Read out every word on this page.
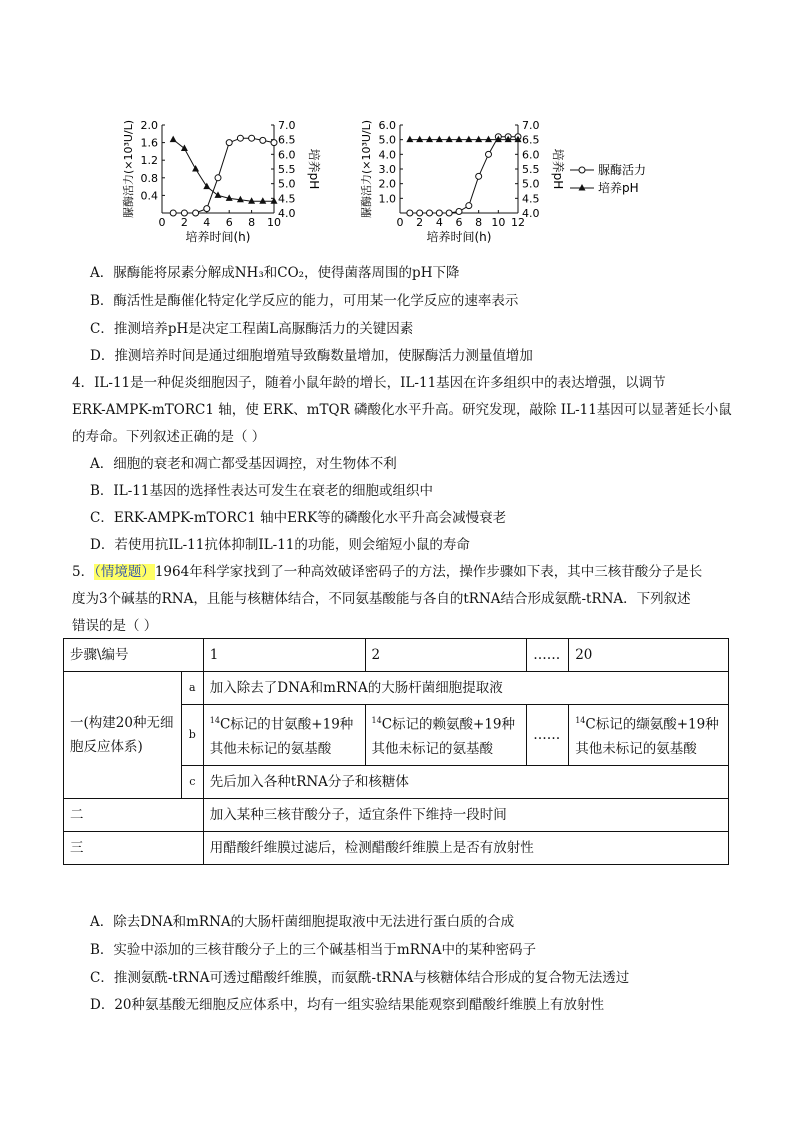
0 2 4 6 8 10
0.4
0.8
1.2
1.6
2.0
4.0
4.5
5.0
5.5
6.0
6.5
7.0
培养时间(h)
脲酶活力(×10³U/L)	培养pH
0 2 4 6 8 10 12
1.0
2.0
3.0
4.0
5.0
6.0
4.0
4.5
5.0
5.5
6.0
6.5
7.0
培养时间(h)
脲酶活力(×10³U/L)	培养pH	脲酶活力
培养pH
A．脲酶能将尿素分解成NH₃和CO₂，使得菌落周围的pH下降
B．酶活性是酶催化特定化学反应的能力，可用某一化学反应的速率表示
C．推测培养pH是决定工程菌L高脲酶活力的关键因素
D．推测培养时间是通过细胞增殖导致酶数量增加，使脲酶活力测量值增加
4．IL-11是一种促炎细胞因子，随着小鼠年龄的增长，IL-11基因在许多组织中的表达增强，以调节
ERK-AMPK-mTORC1 轴，使 ERK、mTQR 磷酸化水平升高。研究发现，敲除 IL-11基因可以显著延长小鼠
的寿命。下列叙述正确的是（ ）
A．细胞的衰老和凋亡都受基因调控，对生物体不利
B．IL-11基因的选择性表达可发生在衰老的细胞或组织中
C．ERK-AMPK-mTORC1 轴中ERK等的磷酸化水平升高会减慢衰老
D．若使用抗IL-11抗体抑制IL-11的功能，则会缩短小鼠的寿命
5．（情境题）1964年科学家找到了一种高效破译密码子的方法，操作步骤如下表，其中三核苷酸分子是长
度为3个碱基的RNA，且能与核糖体结合，不同氨基酸能与各自的tRNA结合形成氨酰-tRNA．下列叙述
错误的是（ ）
步骤\编号		1	2	……	20
一(构建20种无细胞反应体系)	a	加入除去了DNA和mRNA的大肠杆菌细胞提取液			
	b	$^{14}$C标记的甘氨酸+19种其他未标记的氨基酸	$^{14}$C标记的赖氨酸+19种其他未标记的氨基酸	……	$^{14}$C标记的缬氨酸+19种其他未标记的氨基酸
	c	先后加入各种tRNA分子和核糖体			
二		加入某种三核苷酸分子，适宜条件下维持一段时间			
三		用醋酸纤维膜过滤后，检测醋酸纤维膜上是否有放射性			
A．除去DNA和mRNA的大肠杆菌细胞提取液中无法进行蛋白质的合成
B．实验中添加的三核苷酸分子上的三个碱基相当于mRNA中的某种密码子
C．推测氨酰-tRNA可透过醋酸纤维膜，而氨酰-tRNA与核糖体结合形成的复合物无法透过
D．20种氨基酸无细胞反应体系中，均有一组实验结果能观察到醋酸纤维膜上有放射性
